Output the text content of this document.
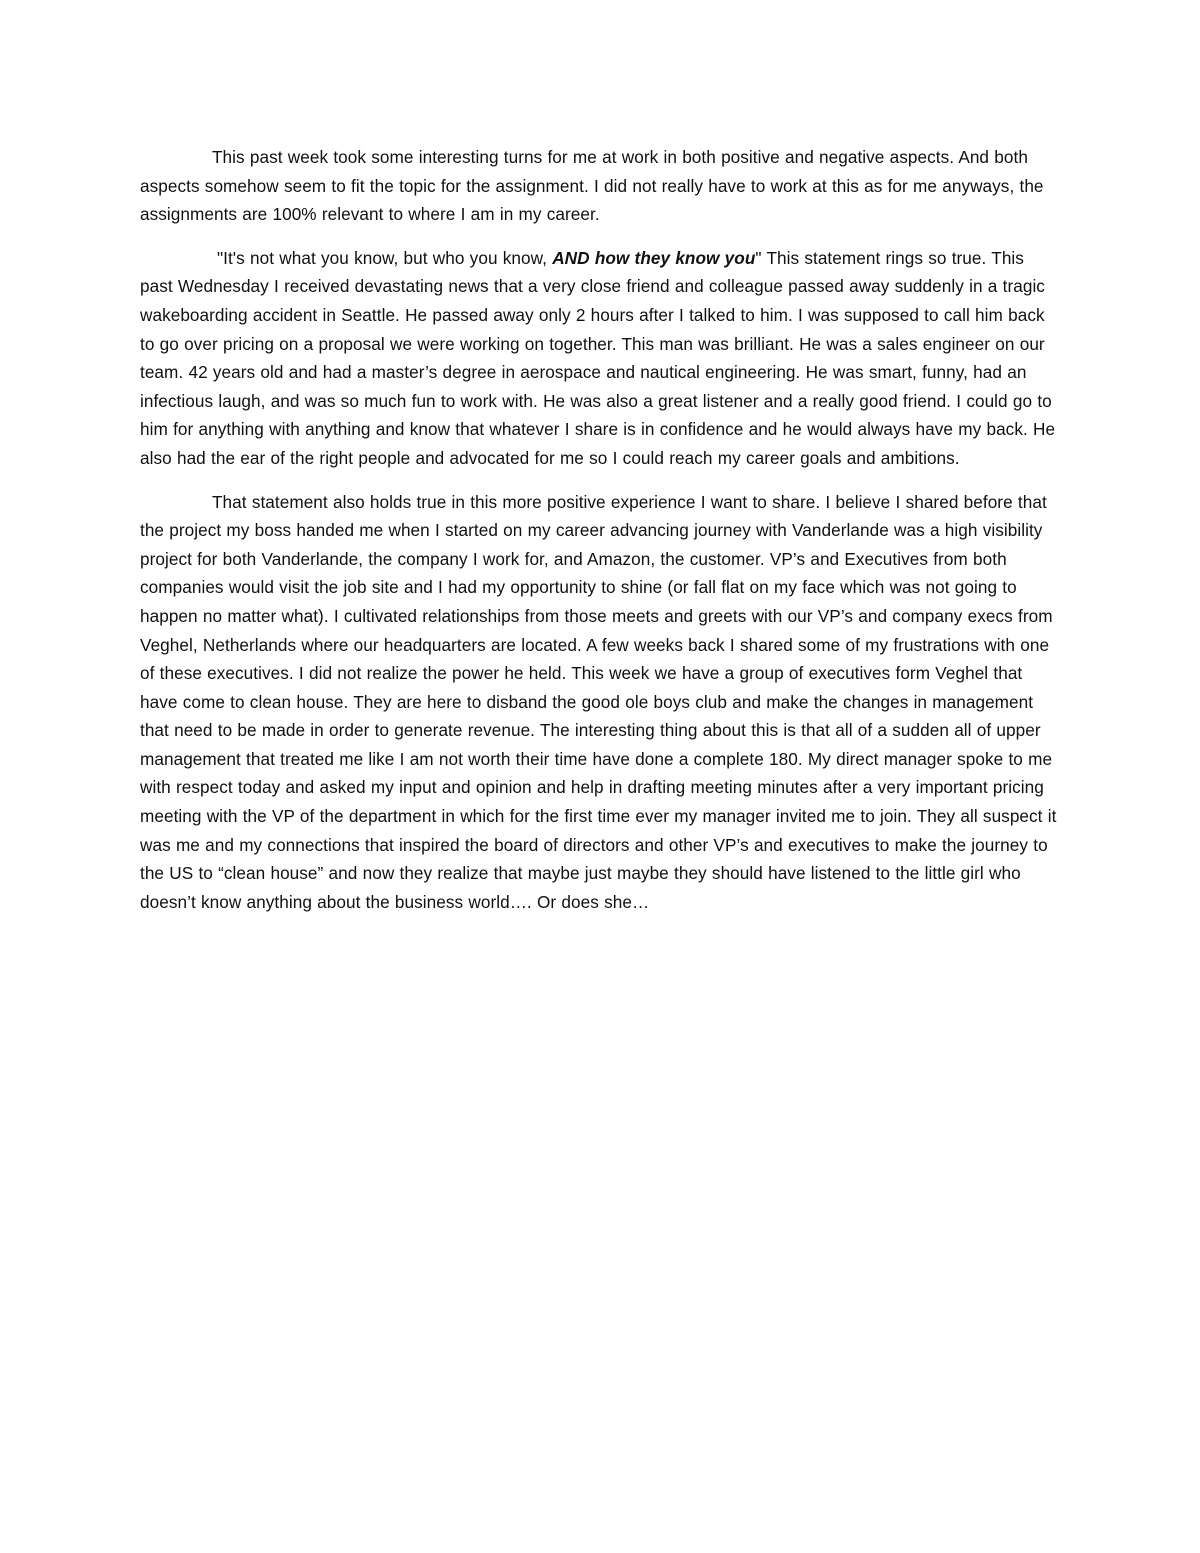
This past week took some interesting turns for me at work in both positive and negative aspects. And both aspects somehow seem to fit the topic for the assignment. I did not really have to work at this as for me anyways, the assignments are 100% relevant to where I am in my career.

"It's not what you know, but who you know, AND how they know you" This statement rings so true. This past Wednesday I received devastating news that a very close friend and colleague passed away suddenly in a tragic wakeboarding accident in Seattle. He passed away only 2 hours after I talked to him. I was supposed to call him back to go over pricing on a proposal we were working on together. This man was brilliant. He was a sales engineer on our team. 42 years old and had a master’s degree in aerospace and nautical engineering. He was smart, funny, had an infectious laugh, and was so much fun to work with. He was also a great listener and a really good friend. I could go to him for anything with anything and know that whatever I share is in confidence and he would always have my back. He also had the ear of the right people and advocated for me so I could reach my career goals and ambitions.

That statement also holds true in this more positive experience I want to share. I believe I shared before that the project my boss handed me when I started on my career advancing journey with Vanderlande was a high visibility project for both Vanderlande, the company I work for, and Amazon, the customer. VP’s and Executives from both companies would visit the job site and I had my opportunity to shine (or fall flat on my face which was not going to happen no matter what). I cultivated relationships from those meets and greets with our VP’s and company execs from Veghel, Netherlands where our headquarters are located. A few weeks back I shared some of my frustrations with one of these executives. I did not realize the power he held. This week we have a group of executives form Veghel that have come to clean house. They are here to disband the good ole boys club and make the changes in management that need to be made in order to generate revenue. The interesting thing about this is that all of a sudden all of upper management that treated me like I am not worth their time have done a complete 180. My direct manager spoke to me with respect today and asked my input and opinion and help in drafting meeting minutes after a very important pricing meeting with the VP of the department in which for the first time ever my manager invited me to join. They all suspect it was me and my connections that inspired the board of directors and other VP’s and executives to make the journey to the US to “clean house” and now they realize that maybe just maybe they should have listened to the little girl who doesn’t know anything about the business world…. Or does she…
